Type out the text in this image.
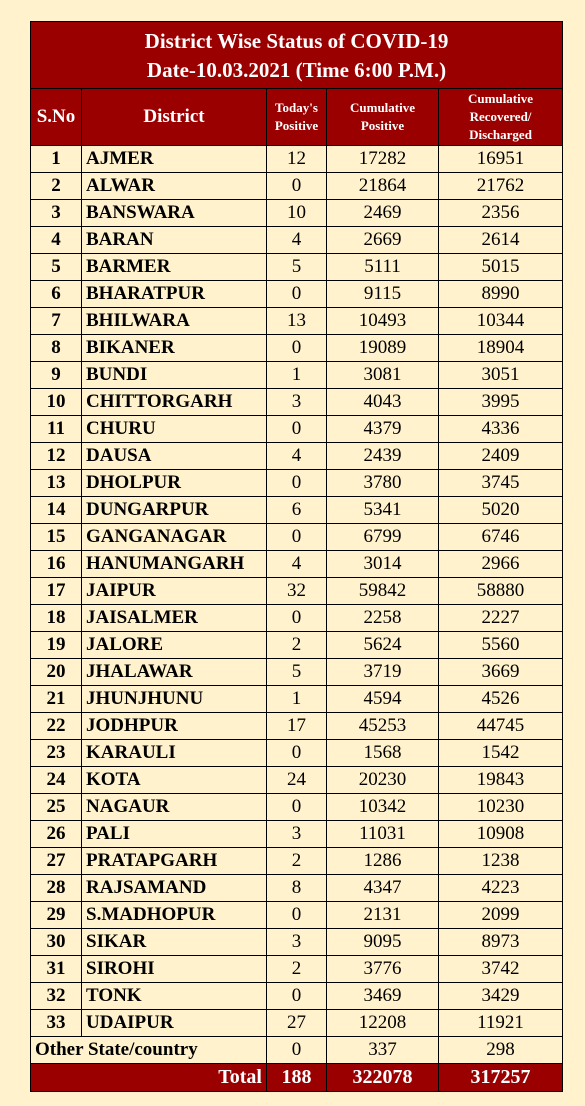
District Wise Status of COVID-19
Date-10.03.2021 (Time 6:00 P.M.)				

S.No	District	Today's Positive	Cumulative Positive	Cumulative Recovered/ Discharged
1	AJMER	12	17282	16951
2	ALWAR	0	21864	21762
3	BANSWARA	10	2469	2356
4	BARAN	4	2669	2614
5	BARMER	5	5111	5015
6	BHARATPUR	0	9115	8990
7	BHILWARA	13	10493	10344
8	BIKANER	0	19089	18904
9	BUNDI	1	3081	3051
10	CHITTORGARH	3	4043	3995
11	CHURU	0	4379	4336
12	DAUSA	4	2439	2409
13	DHOLPUR	0	3780	3745
14	DUNGARPUR	6	5341	5020
15	GANGANAGAR	0	6799	6746
16	HANUMANGARH	4	3014	2966
17	JAIPUR	32	59842	58880
18	JAISALMER	0	2258	2227
19	JALORE	2	5624	5560
20	JHALAWAR	5	3719	3669
21	JHUNJHUNU	1	4594	4526
22	JODHPUR	17	45253	44745
23	KARAULI	0	1568	1542
24	KOTA	24	20230	19843
25	NAGAUR	0	10342	10230
26	PALI	3	11031	10908
27	PRATAPGARH	2	1286	1238
28	RAJSAMAND	8	4347	4223
29	S.MADHOPUR	0	2131	2099
30	SIKAR	3	9095	8973
31	SIROHI	2	3776	3742
32	TONK	0	3469	3429
33	UDAIPUR	27	12208	11921
Other State/country		0	337	298
Total		188	322078	317257
